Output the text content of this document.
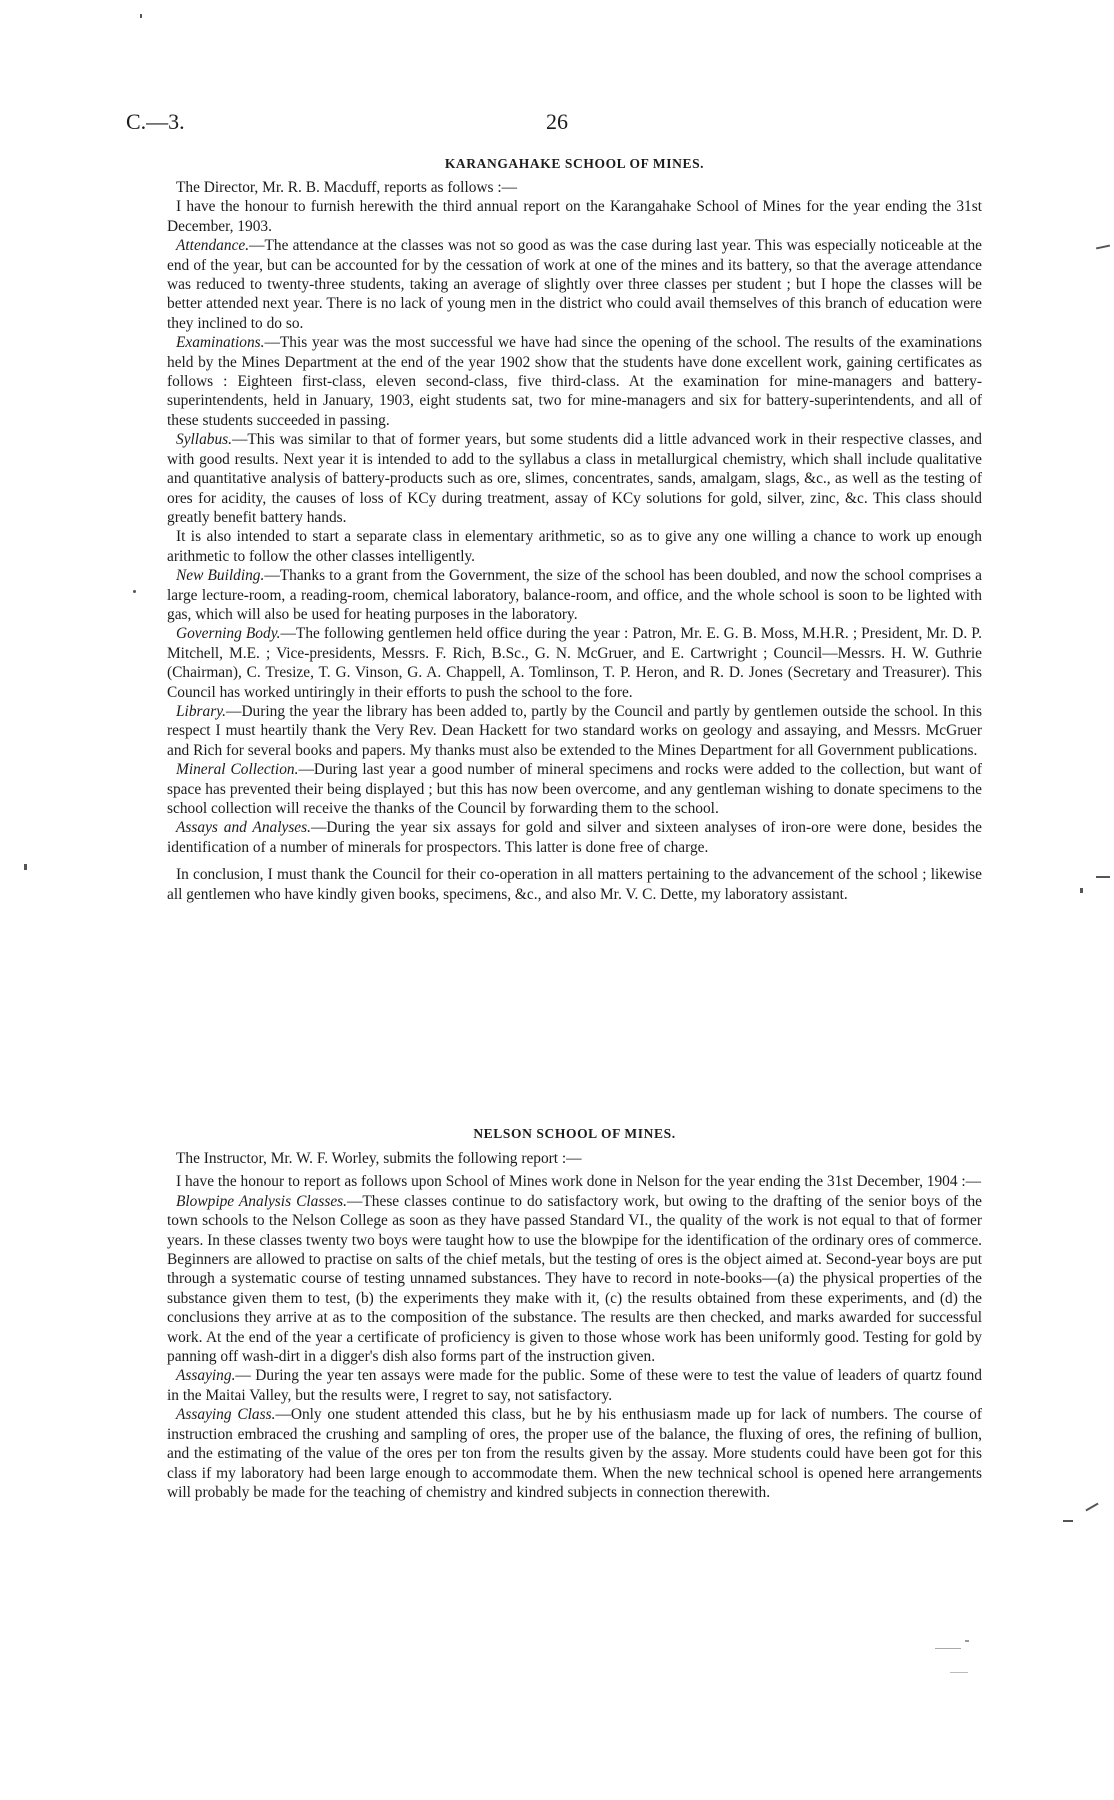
C.—3.	26
KARANGAHAKE SCHOOL OF MINES.

The Director, Mr. R. B. Macduff, reports as follows :—

I have the honour to furnish herewith the third annual report on the Karangahake School of Mines for the year ending the 31st December, 1903.

Attendance.—The attendance at the classes was not so good as was the case during last year. This was especially noticeable at the end of the year, but can be accounted for by the cessation of work at one of the mines and its battery, so that the average attendance was reduced to twenty-three students, taking an average of slightly over three classes per student ; but I hope the classes will be better attended next year. There is no lack of young men in the district who could avail themselves of this branch of education were they inclined to do so.

Examinations.—This year was the most successful we have had since the opening of the school. The results of the examinations held by the Mines Department at the end of the year 1902 show that the students have done excellent work, gaining certificates as follows : Eighteen first-class, eleven second-class, five third-class. At the examination for mine-managers and battery-superintendents, held in January, 1903, eight students sat, two for mine-managers and six for battery-superintendents, and all of these students succeeded in passing.

Syllabus.—This was similar to that of former years, but some students did a little advanced work in their respective classes, and with good results. Next year it is intended to add to the syllabus a class in metallurgical chemistry, which shall include qualitative and quantitative analysis of battery-products such as ore, slimes, concentrates, sands, amalgam, slags, &c., as well as the testing of ores for acidity, the causes of loss of KCy during treatment, assay of KCy solutions for gold, silver, zinc, &c. This class should greatly benefit battery hands.

It is also intended to start a separate class in elementary arithmetic, so as to give any one willing a chance to work up enough arithmetic to follow the other classes intelligently.

New Building.—Thanks to a grant from the Government, the size of the school has been doubled, and now the school comprises a large lecture-room, a reading-room, chemical laboratory, balance-room, and office, and the whole school is soon to be lighted with gas, which will also be used for heating purposes in the laboratory.

Governing Body.—The following gentlemen held office during the year : Patron, Mr. E. G. B. Moss, M.H.R. ; President, Mr. D. P. Mitchell, M.E. ; Vice-presidents, Messrs. F. Rich, B.Sc., G. N. McGruer, and E. Cartwright ; Council—Messrs. H. W. Guthrie (Chairman), C. Tresize, T. G. Vinson, G. A. Chappell, A. Tomlinson, T. P. Heron, and R. D. Jones (Secretary and Treasurer). This Council has worked untiringly in their efforts to push the school to the fore.

Library.—During the year the library has been added to, partly by the Council and partly by gentlemen outside the school. In this respect I must heartily thank the Very Rev. Dean Hackett for two standard works on geology and assaying, and Messrs. McGruer and Rich for several books and papers. My thanks must also be extended to the Mines Department for all Government publications.

Mineral Collection.—During last year a good number of mineral specimens and rocks were added to the collection, but want of space has prevented their being displayed ; but this has now been overcome, and any gentleman wishing to donate specimens to the school collection will receive the thanks of the Council by forwarding them to the school.

Assays and Analyses.—During the year six assays for gold and silver and sixteen analyses of iron-ore were done, besides the identification of a number of minerals for prospectors. This latter is done free of charge.

In conclusion, I must thank the Council for their co-operation in all matters pertaining to the advancement of the school ; likewise all gentlemen who have kindly given books, specimens, &c., and also Mr. V. C. Dette, my laboratory assistant.

NELSON SCHOOL OF MINES.

The Instructor, Mr. W. F. Worley, submits the following report :—

I have the honour to report as follows upon School of Mines work done in Nelson for the year ending the 31st December, 1904 :—

Blowpipe Analysis Classes.—These classes continue to do satisfactory work, but owing to the drafting of the senior boys of the town schools to the Nelson College as soon as they have passed Standard VI., the quality of the work is not equal to that of former years. In these classes twenty two boys were taught how to use the blowpipe for the identification of the ordinary ores of commerce. Beginners are allowed to practise on salts of the chief metals, but the testing of ores is the object aimed at. Second-year boys are put through a systematic course of testing unnamed substances. They have to record in note-books—(a) the physical properties of the substance given them to test, (b) the experiments they make with it, (c) the results obtained from these experiments, and (d) the conclusions they arrive at as to the composition of the substance. The results are then checked, and marks awarded for successful work. At the end of the year a certificate of proficiency is given to those whose work has been uniformly good. Testing for gold by panning off wash-dirt in a digger's dish also forms part of the instruction given.

Assaying.— During the year ten assays were made for the public. Some of these were to test the value of leaders of quartz found in the Maitai Valley, but the results were, I regret to say, not satisfactory.

Assaying Class.—Only one student attended this class, but he by his enthusiasm made up for lack of numbers. The course of instruction embraced the crushing and sampling of ores, the proper use of the balance, the fluxing of ores, the refining of bullion, and the estimating of the value of the ores per ton from the results given by the assay. More students could have been got for this class if my laboratory had been large enough to accommodate them. When the new technical school is opened here arrangements will probably be made for the teaching of chemistry and kindred subjects in connection therewith.
